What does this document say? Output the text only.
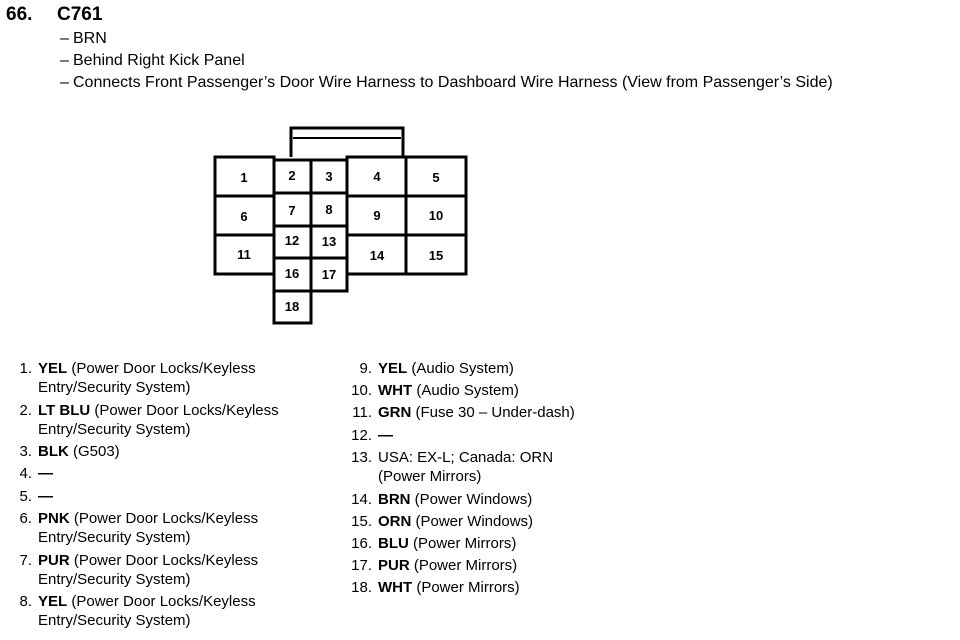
66. C761
– BRN
– Behind Right Kick Panel
– Connects Front Passenger’s Door Wire Harness to Dashboard Wire Harness (View from Passenger’s Side)
1	2 3	4	5
6	7 8	9	10
11
12 13
14	15
16 17
18
1. YEL (Power Door Locks/Keyless
Entry/Security System)
2. LT BLU (Power Door Locks/Keyless
Entry/Security System)
3. BLK (G503)
4. —
5. —
6. PNK (Power Door Locks/Keyless
Entry/Security System)
7. PUR (Power Door Locks/Keyless
Entry/Security System)
8. YEL (Power Door Locks/Keyless
Entry/Security System)
9. YEL (Audio System)
10. WHT (Audio System)
11. GRN (Fuse 30 – Under-dash)
12. —
13. USA: EX-L; Canada: ORN
(Power Mirrors)
14. BRN (Power Windows)
15. ORN (Power Windows)
16. BLU (Power Mirrors)
17. PUR (Power Mirrors)
18. WHT (Power Mirrors)
